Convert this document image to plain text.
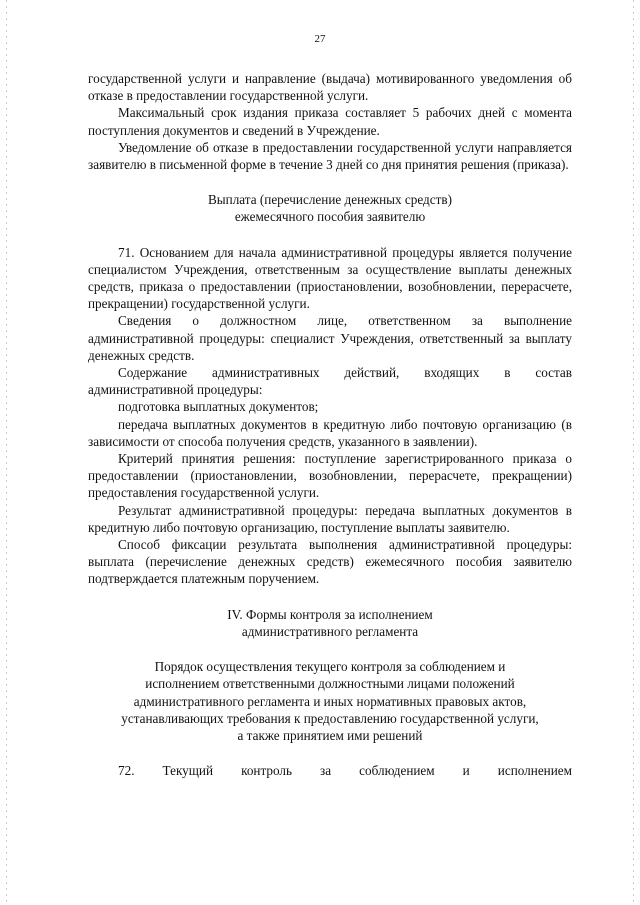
27

государственной услуги и направление (выдача) мотивированного уведомления об отказе в предоставлении государственной услуги.

Максимальный срок издания приказа составляет 5 рабочих дней с момента поступления документов и сведений в Учреждение.

Уведомление об отказе в предоставлении государственной услуги направляется заявителю в письменной форме в течение 3 дней со дня принятия решения (приказа).

Выплата (перечисление денежных средств)

ежемесячного пособия заявителю

71. Основанием для начала административной процедуры является получение специалистом Учреждения, ответственным за осуществление выплаты денежных средств, приказа о предоставлении (приостановлении, возобновлении, перерасчете, прекращении) государственной услуги.

Сведения о должностном лице, ответственном за выполнение административной процедуры: специалист Учреждения, ответственный за выплату денежных средств.

Содержание административных действий, входящих в состав административной процедуры:

подготовка выплатных документов;

передача выплатных документов в кредитную либо почтовую организацию (в зависимости от способа получения средств, указанного в заявлении).

Критерий принятия решения: поступление зарегистрированного приказа о предоставлении (приостановлении, возобновлении, перерасчете, прекращении) предоставления государственной услуги.

Результат административной процедуры: передача выплатных документов в кредитную либо почтовую организацию, поступление выплаты заявителю.

Способ фиксации результата выполнения административной процедуры: выплата (перечисление денежных средств) ежемесячного пособия заявителю подтверждается платежным поручением.

IV. Формы контроля за исполнением

административного регламента

Порядок осуществления текущего контроля за соблюдением и

исполнением ответственными должностными лицами положений

административного регламента и иных нормативных правовых актов,

устанавливающих требования к предоставлению государственной услуги,

а также принятием ими решений

72. Текущий контроль за соблюдением и исполнением
